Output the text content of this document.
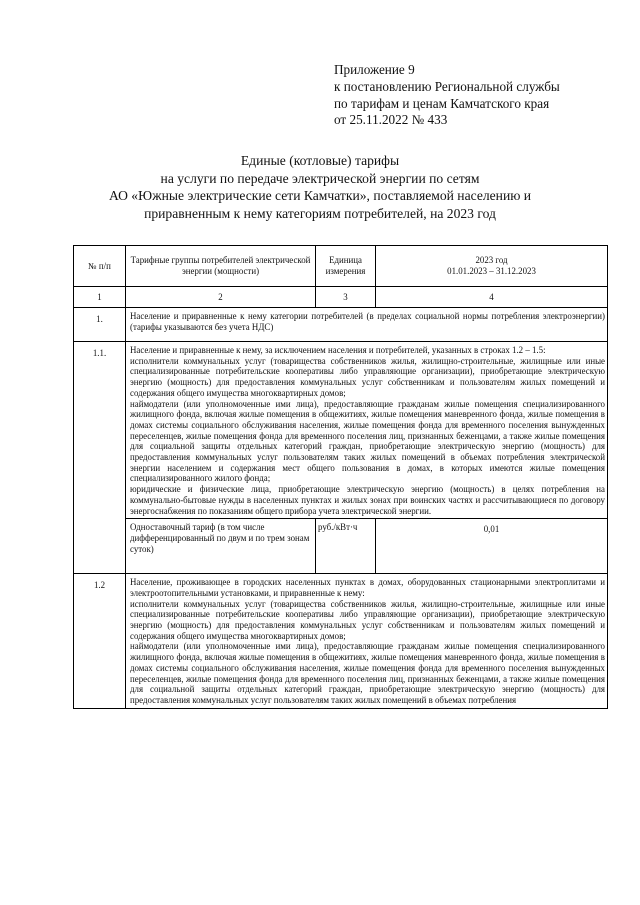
Приложение 9
к постановлению Региональной службы
по тарифам и ценам Камчатского края
от 25.11.2022 № 433
Единые (котловые) тарифы
на услуги по передаче электрической энергии по сетям
АО «Южные электрические сети Камчатки», поставляемой населению и
приравненным к нему категориям потребителей, на 2023 год
№ п/п	Тарифные группы потребителей электрической энергии (мощности)	Единица измерения	2023 год
01.01.2023 – 31.12.2023

1	2	3	4
1.	Население и приравненные к нему категории потребителей (в пределах социальной нормы потребления электроэнергии) (тарифы указываются без учета НДС)		
1.1.	Население и приравненные к нему, за исключением населения и потребителей, указанных в строках 1.2 – 1.5:

исполнители коммунальных услуг (товарищества собственников жилья, жилищно-строительные, жилищные или иные специализированные потребительские кооперативы либо управляющие организации), приобретающие электрическую энергию (мощность) для предоставления коммунальных услуг собственникам и пользователям жилых помещений и содержания общего имущества многоквартирных домов;

наймодатели (или уполномоченные ими лица), предоставляющие гражданам жилые помещения специализированного жилищного фонда, включая жилые помещения в общежитиях, жилые помещения маневренного фонда, жилые помещения в домах системы социального обслуживания населения, жилые помещения фонда для временного поселения вынужденных переселенцев, жилые помещения фонда для временного поселения лиц, признанных беженцами, а также жилые помещения для социальной защиты отдельных категорий граждан, приобретающие электрическую энергию (мощность) для предоставления коммунальных услуг пользователям таких жилых помещений в объемах потребления электрической энергии населением и содержания мест общего пользования в домах, в которых имеются жилые помещения специализированного жилого фонда;

юридические и физические лица, приобретающие электрическую энергию (мощность) в целях потребления на коммунально-бытовые нужды в населенных пунктах и жилых зонах при воинских частях и рассчитывающиеся по договору энергоснабжения по показаниям общего прибора учета электрической энергии.		

	Одноставочный тариф (в том числе дифференцированный по двум и по трем зонам суток)	руб./кВт·ч	0,01
1.2	Население, проживающее в городских населенных пунктах в домах, оборудованных стационарными электроплитами и электроотопительными установками, и приравненные к нему:

исполнители коммунальных услуг (товарищества собственников жилья, жилищно-строительные, жилищные или иные специализированные потребительские кооперативы либо управляющие организации), приобретающие электрическую энергию (мощность) для предоставления коммунальных услуг собственникам и пользователям жилых помещений и содержания общего имущества многоквартирных домов;

наймодатели (или уполномоченные ими лица), предоставляющие гражданам жилые помещения специализированного жилищного фонда, включая жилые помещения в общежитиях, жилые помещения маневренного фонда, жилые помещения в домах системы социального обслуживания населения, жилые помещения фонда для временного поселения вынужденных переселенцев, жилые помещения фонда для временного поселения лиц, признанных беженцами, а также жилые помещения для социальной защиты отдельных категорий граждан, приобретающие электрическую энергию (мощность) для предоставления коммунальных услуг пользователям таких жилых помещений в объемах потребления		
